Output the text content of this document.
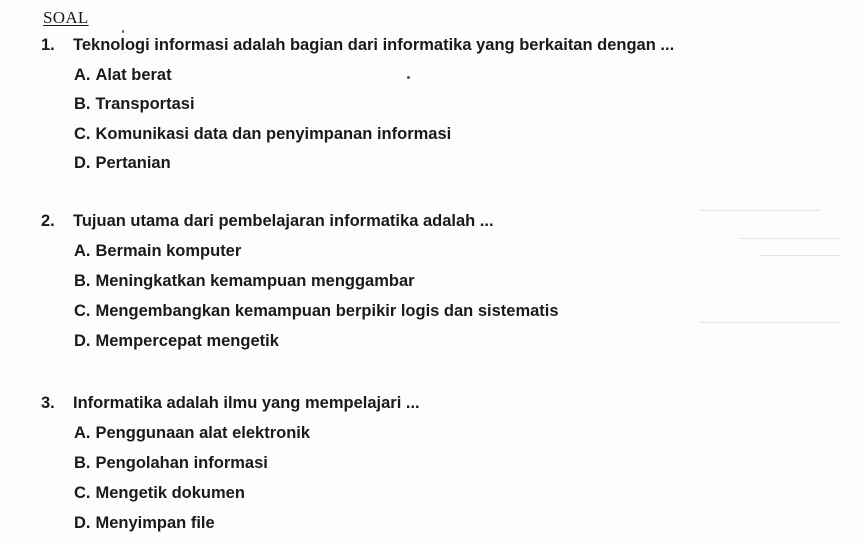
SOAL
1. Teknologi informasi adalah bagian dari informatika yang berkaitan dengan ...
A. Alat berat
B. Transportasi
C. Komunikasi data dan penyimpanan informasi
D. Pertanian
2. Tujuan utama dari pembelajaran informatika adalah ...
A. Bermain komputer
B. Meningkatkan kemampuan menggambar
C. Mengembangkan kemampuan berpikir logis dan sistematis
D. Mempercepat mengetik
3. Informatika adalah ilmu yang mempelajari ...
A. Penggunaan alat elektronik
B. Pengolahan informasi
C. Mengetik dokumen
D. Menyimpan file
